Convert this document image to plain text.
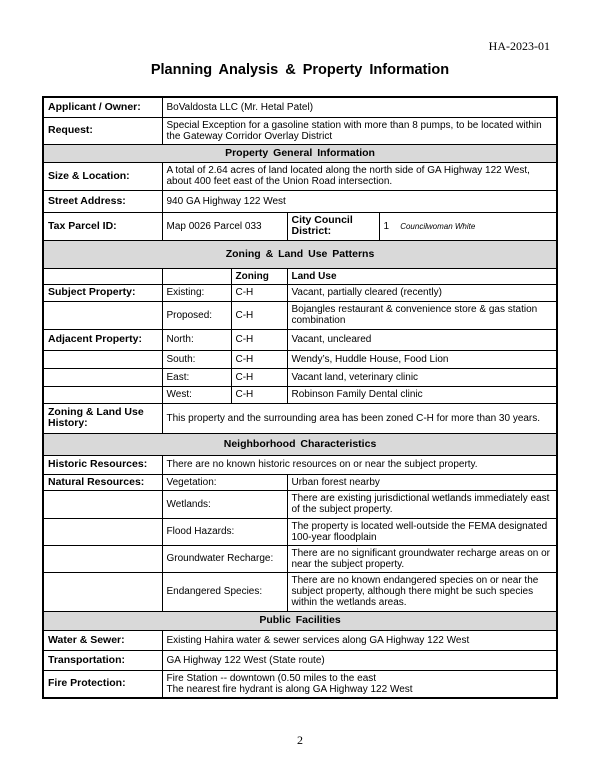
HA-2023-01
Planning Analysis & Property Information
Applicant / Owner:	BoValdosta LLC (Mr. Hetal Patel)			
Request:	Special Exception for a gasoline station with more than 8 pumps, to be located within the Gateway Corridor Overlay District			
Property General Information				
Size & Location:	A total of 2.64 acres of land located along the north side of GA Highway 122 West, about 400 feet east of the Union Road intersection.			
Street Address:	940 GA Highway 122 West			
Tax Parcel ID:	Map 0026 Parcel 033		City Council District:	1 Councilwoman White
Zoning & Land Use Patterns				
		Zoning	Land Use	
Subject Property:	Existing:	C-H	Vacant, partially cleared (recently)	
	Proposed:	C-H	Bojangles restaurant & convenience store & gas station combination	
Adjacent Property:	North:	C-H	Vacant, uncleared	
	South:	C-H	Wendy’s, Huddle House, Food Lion	
	East:	C-H	Vacant land, veterinary clinic	
	West:	C-H	Robinson Family Dental clinic	
Zoning & Land Use History:	This property and the surrounding area has been zoned C-H for more than 30 years.			
Neighborhood Characteristics				
Historic Resources:	There are no known historic resources on or near the subject property.			
Natural Resources:	Vegetation:		Urban forest nearby	
	Wetlands:		There are existing jurisdictional wetlands immediately east of the subject property.	
	Flood Hazards:		The property is located well-outside the FEMA designated 100-year floodplain	
	Groundwater Recharge:		There are no significant groundwater recharge areas on or near the subject property.	
	Endangered Species:		There are no known endangered species on or near the subject property, although there might be such species within the wetlands areas.	
Public Facilities				
Water & Sewer:	Existing Hahira water & sewer services along GA Highway 122 West			
Transportation:	GA Highway 122 West (State route)			
Fire Protection:	Fire Station -- downtown (0.50 miles to the east
The nearest fire hydrant is along GA Highway 122 West			
2
